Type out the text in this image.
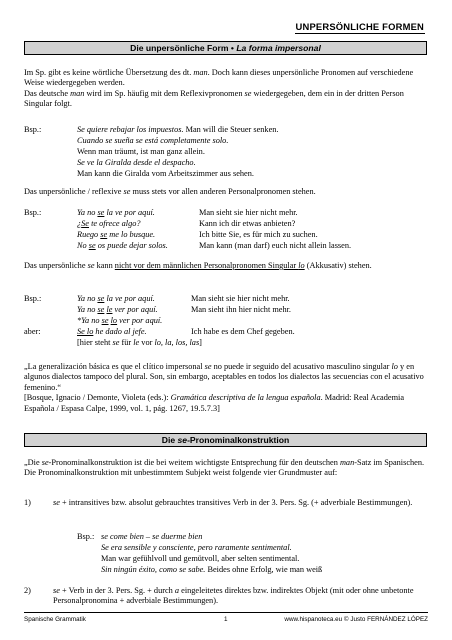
UNPERSÖNLICHE FORMEN
Die unpersönliche Form • La forma impersonal
Im Sp. gibt es keine wörtliche Übersetzung des dt. man. Doch kann dieses unpersönliche Pronomen auf verschiedene Weise wiedergegeben werden.
Das deutsche man wird im Sp. häufig mit dem Reflexivpronomen se wiedergegeben, dem ein in der dritten Person Singular folgt.
Bsp.:	Se quiere rebajar los impuestos. Man will die Steuer senken.
Cuando se sueña se está completamente solo.
Wenn man träumt, ist man ganz allein.
Se ve la Giralda desde el despacho.
Man kann die Giralda vom Arbeitszimmer aus sehen.
Das unpersönliche / reflexive se muss stets vor allen anderen Personalpronomen stehen.
Bsp.:	Ya no se la ve por aquí.	Man sieht sie hier nicht mehr.
¿Se te ofrece algo?	Kann ich dir etwas anbieten?
Ruego se me lo busque.	Ich bitte Sie, es für mich zu suchen.
No se os puede dejar solos.	Man kann (man darf) euch nicht allein lassen.
Das unpersönliche se kann nicht vor dem männlichen Personalpronomen Singular lo (Akkusativ) stehen.
Bsp.:	Ya no se la ve por aquí.	Man sieht sie hier nicht mehr.
Ya no se le ver por aquí.	Man sieht ihn hier nicht mehr.
*Ya no se lo ver por aquí.
aber:	Se lo he dado al jefe.	Ich habe es dem Chef gegeben.
[hier steht se für le vor lo, la, los, las]
„La generalización básica es que el clítico impersonal se no puede ir seguido del acusativo masculino singular lo y en algunos dialectos tampoco del plural. Son, sin embargo, aceptables en todos los dialectos las secuencias con el acusativo femenino.“
[Bosque, Ignacio / Demonte, Violeta (eds.): Gramática descriptiva de la lengua española. Madrid: Real Academia Española / Espasa Calpe, 1999, vol. 1, pág. 1267, 19.5.7.3]
Die se-Pronominalkonstruktion
„Die se-Pronominalkonstruktion ist die bei weitem wichtigste Entsprechung für den deutschen man-Satz im Spanischen. Die Pronominalkonstruktion mit unbestimmtem Subjekt weist folgende vier Grundmuster auf:
1)	se + intransitives bzw. absolut gebrauchtes transitives Verb in der 3. Pers. Sg. (+ adverbiale Bestimmungen).
Bsp.: se come bien – se duerme bien
Se era sensible y consciente, pero raramente sentimental.
Man war gefühlvoll und gemütvoll, aber selten sentimental.
Sin ningún éxito, como se sabe. Beides ohne Erfolg, wie man weiß
2)	se + Verb in der 3. Pers. Sg. + durch a eingeleitetes direktes bzw. indirektes Objekt (mit oder ohne unbetonte Personalpronomina + adverbiale Bestimmungen).
Spanische Grammatik	1	www.hispanoteca.eu © Justo FERNÁNDEZ LÓPEZ
